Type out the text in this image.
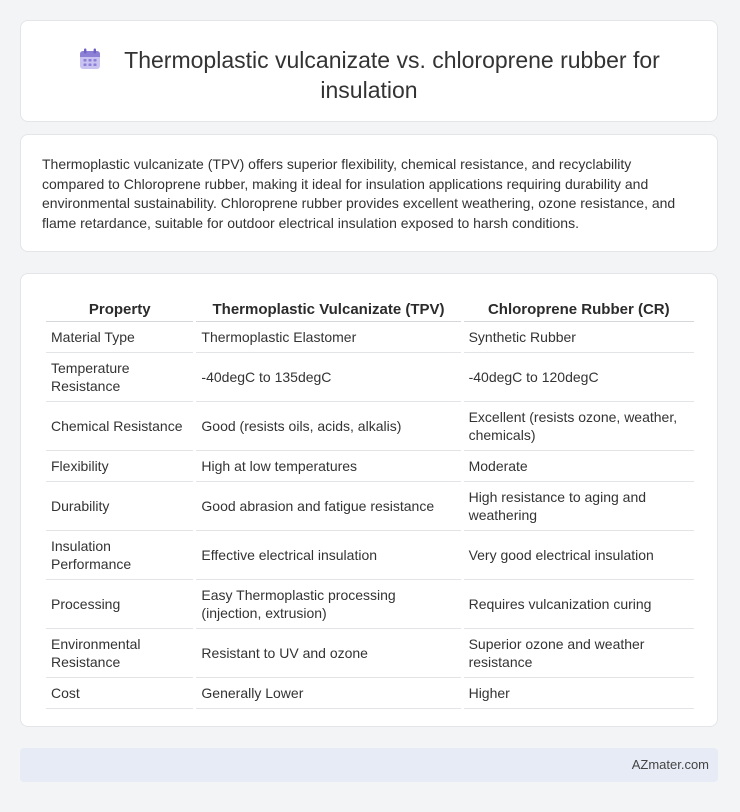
Thermoplastic vulcanizate vs. chloroprene rubber for insulation

Thermoplastic vulcanizate (TPV) offers superior flexibility, chemical resistance, and recyclability compared to Chloroprene rubber, making it ideal for insulation applications requiring durability and environmental sustainability. Chloroprene rubber provides excellent weathering, ozone resistance, and flame retardance, suitable for outdoor electrical insulation exposed to harsh conditions.

Property	Thermoplastic Vulcanizate (TPV)	Chloroprene Rubber (CR)
Material Type	Thermoplastic Elastomer	Synthetic Rubber
Temperature Resistance	-40degC to 135degC	-40degC to 120degC
Chemical Resistance	Good (resists oils, acids, alkalis)	Excellent (resists ozone, weather, chemicals)
Flexibility	High at low temperatures	Moderate
Durability	Good abrasion and fatigue resistance	High resistance to aging and weathering
Insulation Performance	Effective electrical insulation	Very good electrical insulation
Processing	Easy Thermoplastic processing (injection, extrusion)	Requires vulcanization curing
Environmental Resistance	Resistant to UV and ozone	Superior ozone and weather resistance
Cost	Generally Lower	Higher
AZmater.com
